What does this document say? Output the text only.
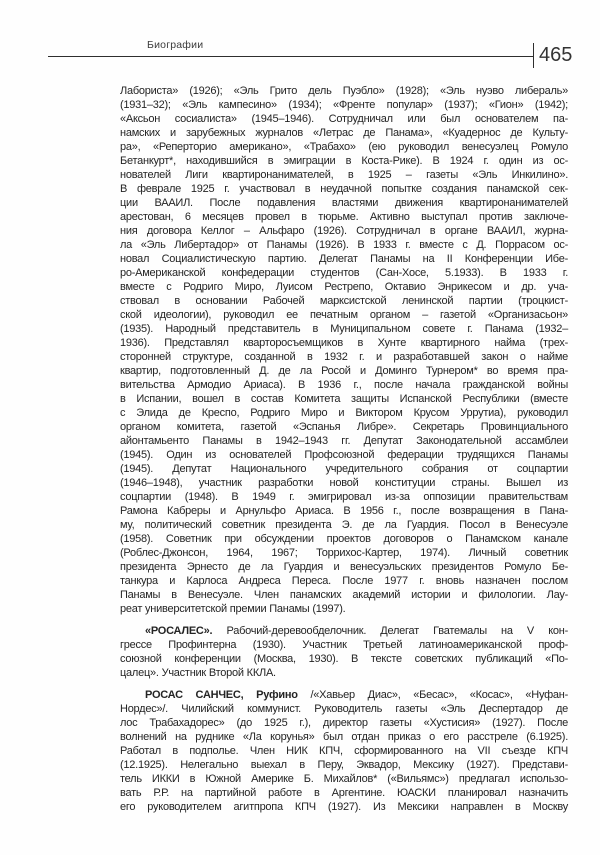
Биографии	465
Лабориста» (1926); «Эль Грито дель Пуэбло» (1928); «Эль нуэво либераль»
(1931–32); «Эль кампесино» (1934); «Френте популар» (1937); «Гион» (1942);
«Аксьон сосиалиста» (1945–1946). Сотрудничал или был основателем па-
намских и зарубежных журналов «Летрас де Панама», «Куадернос де Культу-
ра», «Реперторио американо», «Трабахо» (ею руководил венесуэлец Ромуло
Бетанкурт*, находившийся в эмиграции в Коста-Рике). В 1924 г. один из ос-
нователей Лиги квартиронанимателей, в 1925 – газеты «Эль Инкилино».
В феврале 1925 г. участвовал в неудачной попытке создания панамской сек-
ции ВААИЛ. После подавления властями движения квартиронанимателей
арестован, 6 месяцев провел в тюрьме. Активно выступал против заключе-
ния договора Келлог – Альфаро (1926). Сотрудничал в органе ВААИЛ, журна-
ла «Эль Либертадор» от Панамы (1926). В 1933 г. вместе с Д. Поррасом ос-
новал Социалистическую партию. Делегат Панамы на II Конференции Ибе-
ро-Американской конфедерации студентов (Сан-Хосе, 5.1933). В 1933 г.
вместе с Родриго Миро, Луисом Рестрепо, Октавио Энрикесом и др. уча-
ствовал в основании Рабочей марксистской ленинской партии (троцкист-
ской идеологии), руководил ее печатным органом – газетой «Организасьон»
(1935). Народный представитель в Муниципальном совете г. Панама (1932–
1936). Представлял кварторосъемщиков в Хунте квартирного найма (трех-
сторонней структуре, созданной в 1932 г. и разработавшей закон о найме
квартир, подготовленный Д. де ла Росой и Доминго Турнером* во время пра-
вительства Армодио Ариаса). В 1936 г., после начала гражданской войны
в Испании, вошел в состав Комитета защиты Испанской Республики (вместе
с Элида де Креспо, Родриго Миро и Виктором Крусом Уррутиа), руководил
органом комитета, газетой «Эспанья Либре». Секретарь Провинциального
айонтамьенто Панамы в 1942–1943 гг. Депутат Законодательной ассамблеи
(1945). Один из основателей Профсоюзной федерации трудящихся Панамы
(1945). Депутат Национального учредительного собрания от соцпартии
(1946–1948), участник разработки новой конституции страны. Вышел из
соцпартии (1948). В 1949 г. эмигрировал из-за оппозиции правительствам
Рамона Кабреры и Арнульфо Ариаса. В 1956 г., после возвращения в Пана-
му, политический советник президента Э. де ла Гуардия. Посол в Венесуэле
(1958). Советник при обсуждении проектов договоров о Панамском канале
(Роблес-Джонсон, 1964, 1967; Торрихос-Картер, 1974). Личный советник
президента Эрнесто де ла Гуардия и венесуэльских президентов Ромуло Бе-
танкура и Карлоса Андреса Переса. После 1977 г. вновь назначен послом
Панамы в Венесуэле. Член панамских академий истории и филологии. Лау-
реат университетской премии Панамы (1997).
«РОСАЛЕС». Рабочий-деревообделочник. Делегат Гватемалы на V кон-
грессе Профинтерна (1930). Участник Третьей латиноамериканской проф-
союзной конференции (Москва, 1930). В тексте советских публикаций «По-
цалец». Участник Второй ККЛА.
РОСАС САНЧЕС, Руфино /«Хавьер Диас», «Бесас», «Косас», «Нуфан-
Нордес»/. Чилийский коммунист. Руководитель газеты «Эль Деспертадор де
лос Трабахадорес» (до 1925 г.), директор газеты «Хустисия» (1927). После
волнений на руднике «Ла корунья» был отдан приказ о его расстреле (6.1925).
Работал в подполье. Член НИК КПЧ, сформированного на VII съезде КПЧ
(12.1925). Нелегально выехал в Перу, Эквадор, Мексику (1927). Представи-
тель ИККИ в Южной Америке Б. Михайлов* («Вильямс») предлагал использо-
вать Р.Р. на партийной работе в Аргентине. ЮАСКИ планировал назначить
его руководителем агитпропа КПЧ (1927). Из Мексики направлен в Москву
